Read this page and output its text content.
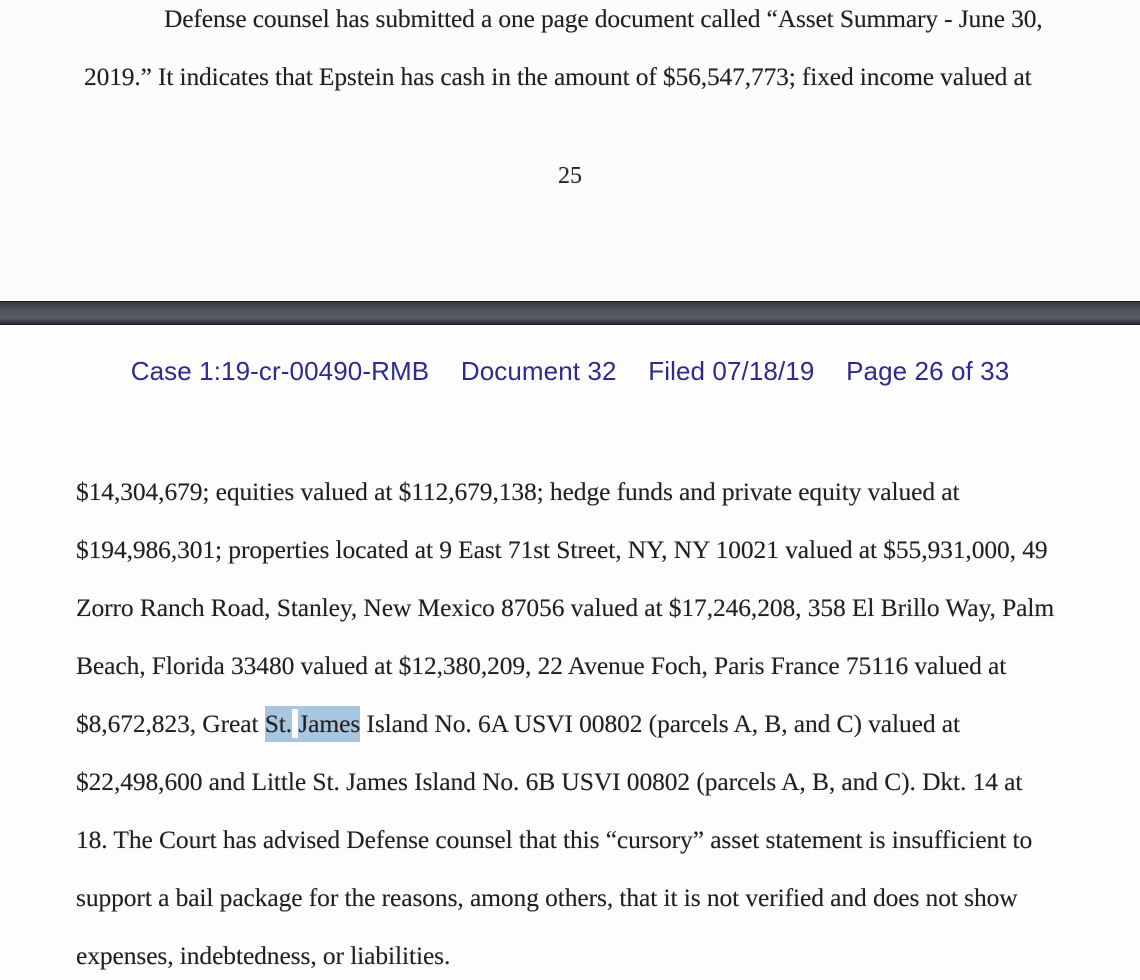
Defense counsel has submitted a one page document called “Asset Summary - June 30,
2019.” It indicates that Epstein has cash in the amount of $56,547,773; fixed income valued at
25
Case 1:19-cr-00490-RMB Document 32 Filed 07/18/19 Page 26 of 33
$14,304,679; equities valued at $112,679,138; hedge funds and private equity valued at
$194,986,301; properties located at 9 East 71st Street, NY, NY 10021 valued at $55,931,000, 49
Zorro Ranch Road, Stanley, New Mexico 87056 valued at $17,246,208, 358 El Brillo Way, Palm
Beach, Florida 33480 valued at $12,380,209, 22 Avenue Foch, Paris France 75116 valued at
$8,672,823, Great St. James Island No. 6A USVI 00802 (parcels A, B, and C) valued at
$22,498,600 and Little St. James Island No. 6B USVI 00802 (parcels A, B, and C). Dkt. 14 at
18. The Court has advised Defense counsel that this “cursory” asset statement is insufficient to
support a bail package for the reasons, among others, that it is not verified and does not show
expenses, indebtedness, or liabilities.
